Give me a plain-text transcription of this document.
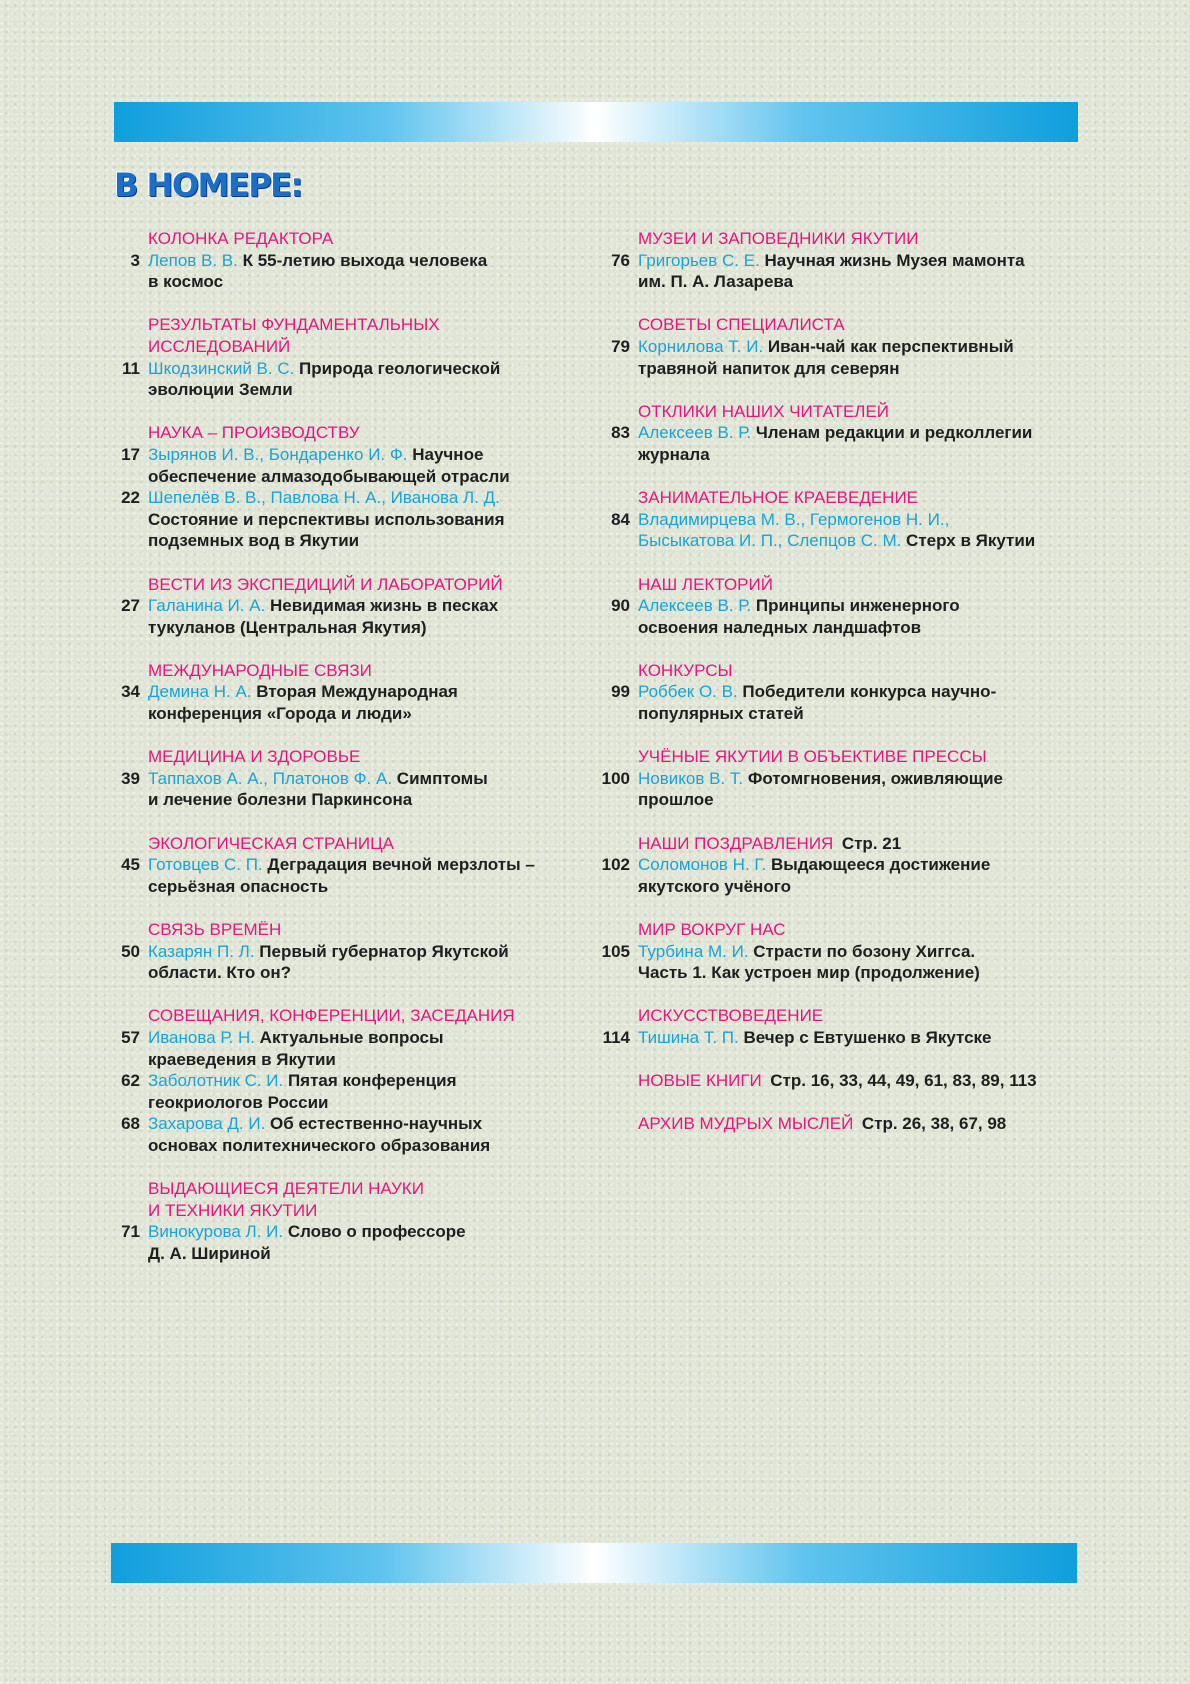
В НОМЕРЕ:
КОЛОНКА РЕДАКТОРА
3 Лепов В. В. К 55-летию выхода человека
в космос
РЕЗУЛЬТАТЫ ФУНДАМЕНТАЛЬНЫХ
ИССЛЕДОВАНИЙ
11 Шкодзинский В. С. Природа геологической
эволюции Земли
НАУКА – ПРОИЗВОДСТВУ
17 Зырянов И. В., Бондаренко И. Ф. Научное
обеспечение алмазодобывающей отрасли
22 Шепелёв В. В., Павлова Н. А., Иванова Л. Д.
Состояние и перспективы использования
подземных вод в Якутии
ВЕСТИ ИЗ ЭКСПЕДИЦИЙ И ЛАБОРАТОРИЙ
27 Галанина И. А. Невидимая жизнь в песках
тукуланов (Центральная Якутия)
МЕЖДУНАРОДНЫЕ СВЯЗИ
34 Демина Н. А. Вторая Международная
конференция «Города и люди»
МЕДИЦИНА И ЗДОРОВЬЕ
39 Таппахов А. А., Платонов Ф. А. Симптомы
и лечение болезни Паркинсона
ЭКОЛОГИЧЕСКАЯ СТРАНИЦА
45 Готовцев С. П. Деградация вечной мерзлоты –
серьёзная опасность
СВЯЗЬ ВРЕМЁН
50 Казарян П. Л. Первый губернатор Якутской
области. Кто он?
СОВЕЩАНИЯ, КОНФЕРЕНЦИИ, ЗАСЕДАНИЯ
57 Иванова Р. Н. Актуальные вопросы
краеведения в Якутии
62 Заболотник С. И. Пятая конференция
геокриологов России
68 Захарова Д. И. Об естественно-научных
основах политехнического образования
ВЫДАЮЩИЕСЯ ДЕЯТЕЛИ НАУКИ
И ТЕХНИКИ ЯКУТИИ
71 Винокурова Л. И. Слово о профессоре
Д. А. Шириной
МУЗЕИ И ЗАПОВЕДНИКИ ЯКУТИИ
76 Григорьев С. Е. Научная жизнь Музея мамонта
им. П. А. Лазарева
СОВЕТЫ СПЕЦИАЛИСТА
79 Корнилова Т. И. Иван-чай как перспективный
травяной напиток для северян
ОТКЛИКИ НАШИХ ЧИТАТЕЛЕЙ
83 Алексеев В. Р. Членам редакции и редколлегии
журнала
ЗАНИМАТЕЛЬНОЕ КРАЕВЕДЕНИЕ
84 Владимирцева М. В., Гермогенов Н. И.,
Бысыкатова И. П., Слепцов С. М. Стерх в Якутии
НАШ ЛЕКТОРИЙ
90 Алексеев В. Р. Принципы инженерного
освоения наледных ландшафтов
КОНКУРСЫ
99 Роббек О. В. Победители конкурса научно-
популярных статей
УЧЁНЫЕ ЯКУТИИ В ОБЪЕКТИВЕ ПРЕССЫ
100 Новиков В. Т. Фотомгновения, оживляющие
прошлое
НАШИ ПОЗДРАВЛЕНИЯ  Стр. 21
102 Соломонов Н. Г. Выдающееся достижение
якутского учёного
МИР ВОКРУГ НАС
105 Турбина М. И. Страсти по бозону Хиггса.
Часть 1. Как устроен мир (продолжение)
ИСКУССТВОВЕДЕНИЕ
114 Тишина Т. П. Вечер с Евтушенко в Якутске
НОВЫЕ КНИГИ  Стр. 16, 33, 44, 49, 61, 83, 89, 113
АРХИВ МУДРЫХ МЫСЛЕЙ  Стр. 26, 38, 67, 98
